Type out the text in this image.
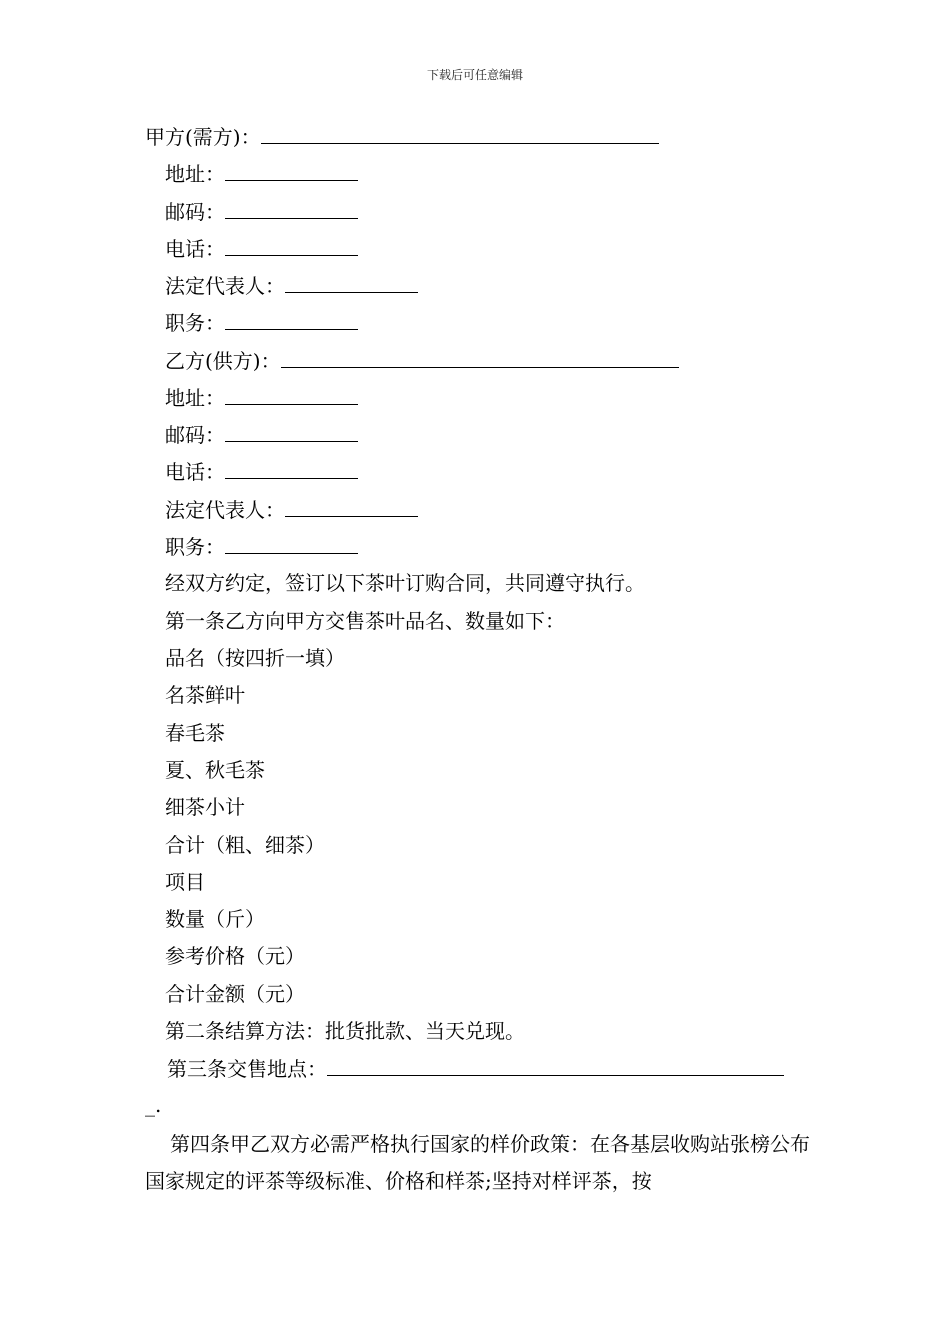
下载后可任意编辑
甲方(需方)：
地址：
邮码：
电话：
法定代表人：
职务：
乙方(供方)：
地址：
邮码：
电话：
法定代表人：
职务：
经双方约定，签订以下茶叶订购合同，共同遵守执行。
第一条乙方向甲方交售茶叶品名、数量如下：
品名（按四折一填）
名茶鲜叶
春毛茶
夏、秋毛茶
细茶小计
合计（粗、细茶）
项目
数量（斤）
参考价格（元）
合计金额（元）
第二条结算方法：批货批款、当天兑现。
第三条交售地点：
_.
第四条甲乙双方必需严格执行国家的样价政策：在各基层收购站张榜公布国家规定的评茶等级标准、价格和样茶;坚持对样评茶，按
